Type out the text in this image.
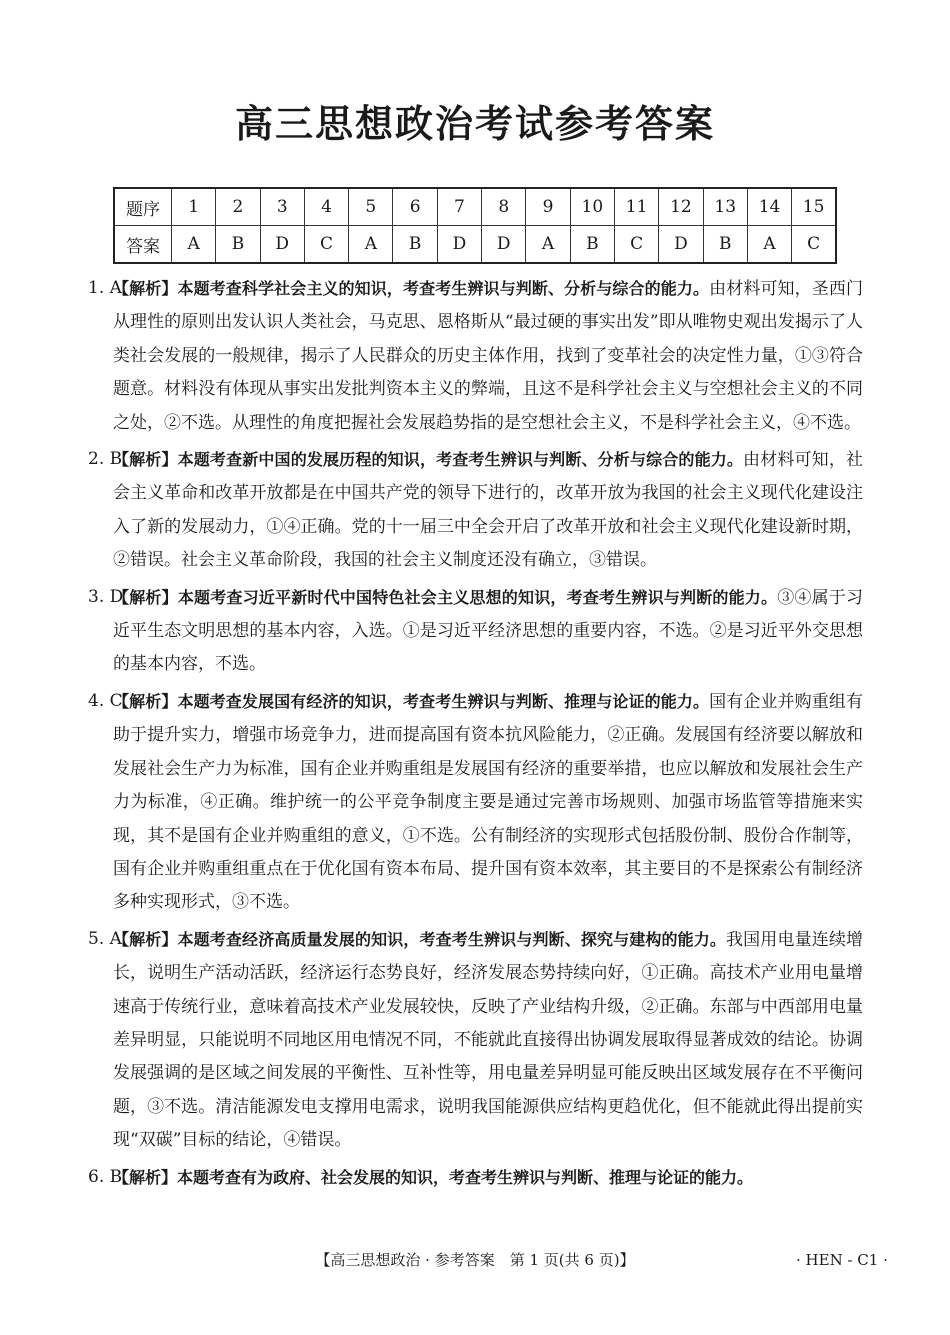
高三思想政治考试参考答案
题序	1	2	3	4	5	6	7	8	9	10	11	12	13	14	15
答案	A	B	D	C	A	B	D	D	A	B	C	D	B	A	C
1. A
【解析】本题考查科学社会主义的知识，考查考生辨识与判断、分析与综合的能力。由材料可知，圣西门从理性的原则出发认识人类社会，马克思、恩格斯从“最过硬的事实出发”即从唯物史观出发揭示了人类社会发展的一般规律，揭示了人民群众的历史主体作用，找到了变革社会的决定性力量，①③符合题意。材料没有体现从事实出发批判资本主义的弊端，且这不是科学社会主义与空想社会主义的不同之处，②不选。从理性的角度把握社会发展趋势指的是空想社会主义，不是科学社会主义，④不选。
2. B
【解析】本题考查新中国的发展历程的知识，考查考生辨识与判断、分析与综合的能力。由材料可知，社会主义革命和改革开放都是在中国共产党的领导下进行的，改革开放为我国的社会主义现代化建设注入了新的发展动力，①④正确。党的十一届三中全会开启了改革开放和社会主义现代化建设新时期，②错误。社会主义革命阶段，我国的社会主义制度还没有确立，③错误。
3. D
【解析】本题考查习近平新时代中国特色社会主义思想的知识，考查考生辨识与判断的能力。③④属于习近平生态文明思想的基本内容，入选。①是习近平经济思想的重要内容，不选。②是习近平外交思想的基本内容，不选。
4. C
【解析】本题考查发展国有经济的知识，考查考生辨识与判断、推理与论证的能力。国有企业并购重组有助于提升实力，增强市场竞争力，进而提高国有资本抗风险能力，②正确。发展国有经济要以解放和发展社会生产力为标准，国有企业并购重组是发展国有经济的重要举措，也应以解放和发展社会生产力为标准，④正确。维护统一的公平竞争制度主要是通过完善市场规则、加强市场监管等措施来实现，其不是国有企业并购重组的意义，①不选。公有制经济的实现形式包括股份制、股份合作制等，国有企业并购重组重点在于优化国有资本布局、提升国有资本效率，其主要目的不是探索公有制经济多种实现形式，③不选。
5. A
【解析】本题考查经济高质量发展的知识，考查考生辨识与判断、探究与建构的能力。我国用电量连续增长，说明生产活动活跃，经济运行态势良好，经济发展态势持续向好，①正确。高技术产业用电量增速高于传统行业，意味着高技术产业发展较快，反映了产业结构升级，②正确。东部与中西部用电量差异明显，只能说明不同地区用电情况不同，不能就此直接得出协调发展取得显著成效的结论。协调发展强调的是区域之间发展的平衡性、互补性等，用电量差异明显可能反映出区域发展存在不平衡问题，③不选。清洁能源发电支撑用电需求，说明我国能源供应结构更趋优化，但不能就此得出提前实现“双碳”目标的结论，④错误。
6. B
【解析】本题考查有为政府、社会发展的知识，考查考生辨识与判断、推理与论证的能力。
【高三思想政治 · 参考答案　第 1 页(共 6 页)】	· HEN - C1 ·
